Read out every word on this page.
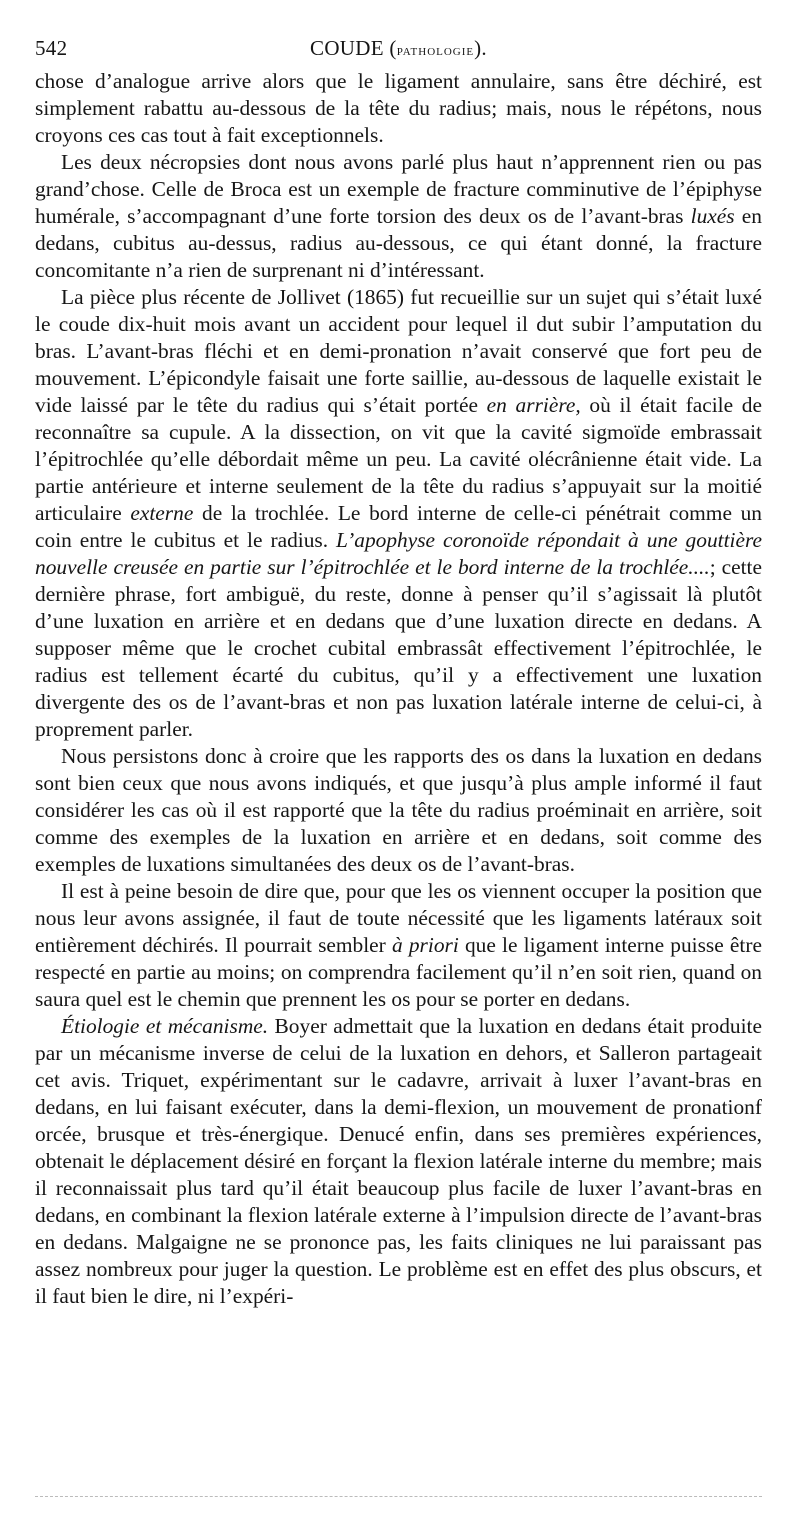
542	COUDE (pathologie).

chose d’analogue arrive alors que le ligament annulaire, sans être déchiré, est simplement rabattu au-dessous de la tête du radius; mais, nous le répétons, nous croyons ces cas tout à fait exceptionnels.

Les deux nécropsies dont nous avons parlé plus haut n’apprennent rien ou pas grand’chose. Celle de Broca est un exemple de fracture comminutive de l’épiphyse humérale, s’accompagnant d’une forte torsion des deux os de l’avant-bras luxés en dedans, cubitus au-dessus, radius au-dessous, ce qui étant donné, la fracture concomitante n’a rien de surprenant ni d’intéressant.

La pièce plus récente de Jollivet (1865) fut recueillie sur un sujet qui s’était luxé le coude dix-huit mois avant un accident pour lequel il dut subir l’amputation du bras. L’avant-bras fléchi et en demi-pronation n’avait conservé que fort peu de mouvement. L’épicondyle faisait une forte saillie, au-dessous de laquelle existait le vide laissé par le tête du radius qui s’était portée en arrière, où il était facile de reconnaître sa cupule. A la dissection, on vit que la cavité sigmoïde embrassait l’épitrochlée qu’elle débordait même un peu. La cavité olécrânienne était vide. La partie antérieure et interne seulement de la tête du radius s’appuyait sur la moitié articulaire externe de la trochlée. Le bord interne de celle-ci pénétrait comme un coin entre le cubitus et le radius. L’apophyse coronoïde répondait à une gouttière nouvelle creusée en partie sur l’épitrochlée et le bord interne de la trochlée....; cette dernière phrase, fort ambiguë, du reste, donne à penser qu’il s’agissait là plutôt d’une luxation en arrière et en dedans que d’une luxation directe en dedans. A supposer même que le crochet cubital embrassât effectivement l’épitrochlée, le radius est tellement écarté du cubitus, qu’il y a effectivement une luxation divergente des os de l’avant-bras et non pas luxation latérale interne de celui-ci, à proprement parler.

Nous persistons donc à croire que les rapports des os dans la luxation en dedans sont bien ceux que nous avons indiqués, et que jusqu’à plus ample informé il faut considérer les cas où il est rapporté que la tête du radius proéminait en arrière, soit comme des exemples de la luxation en arrière et en dedans, soit comme des exemples de luxations simultanées des deux os de l’avant-bras.

Il est à peine besoin de dire que, pour que les os viennent occuper la position que nous leur avons assignée, il faut de toute nécessité que les ligaments latéraux soit entièrement déchirés. Il pourrait sembler à priori que le ligament interne puisse être respecté en partie au moins; on comprendra facilement qu’il n’en soit rien, quand on saura quel est le chemin que prennent les os pour se porter en dedans.

Étiologie et mécanisme. Boyer admettait que la luxation en dedans était produite par un mécanisme inverse de celui de la luxation en dehors, et Salleron partageait cet avis. Triquet, expérimentant sur le cadavre, arrivait à luxer l’avant-bras en dedans, en lui faisant exécuter, dans la demi-flexion, un mouvement de pronationf orcée, brusque et très-énergique. Denucé enfin, dans ses premières expériences, obtenait le déplacement désiré en forçant la flexion latérale interne du membre; mais il reconnaissait plus tard qu’il était beaucoup plus facile de luxer l’avant-bras en dedans, en combinant la flexion latérale externe à l’impulsion directe de l’avant-bras en dedans. Malgaigne ne se prononce pas, les faits cliniques ne lui paraissant pas assez nombreux pour juger la question. Le problème est en effet des plus obscurs, et il faut bien le dire, ni l’expéri-
